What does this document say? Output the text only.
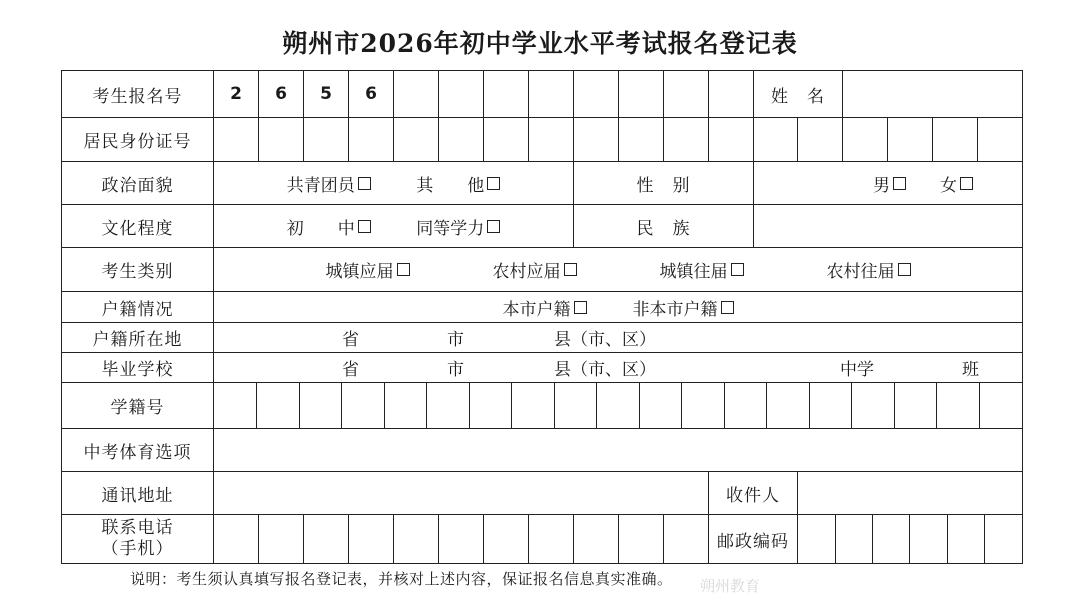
朔州市2026年初中学业水平考试报名登记表
考生报名号	2	6	5	6									姓　名	
居民身份证号																		
政治面貌	共青团员	其　　他	性　别	男	女

文化程度	初　　中	同等学力	民　族	
考生类别	城镇应届	农村应届	城镇往届	农村往届

户籍情况	本市户籍	非本市户籍

户籍所在地	省	市	县（市、区）

毕业学校	省	市	县（市、区）	中学	班

学籍号	

中考体育选项	
通讯地址		收件人	

联系电话
（手机）												邮政编码	

说明：考生须认真填写报名登记表，并核对上述内容，保证报名信息真实准确。 朔州教育
